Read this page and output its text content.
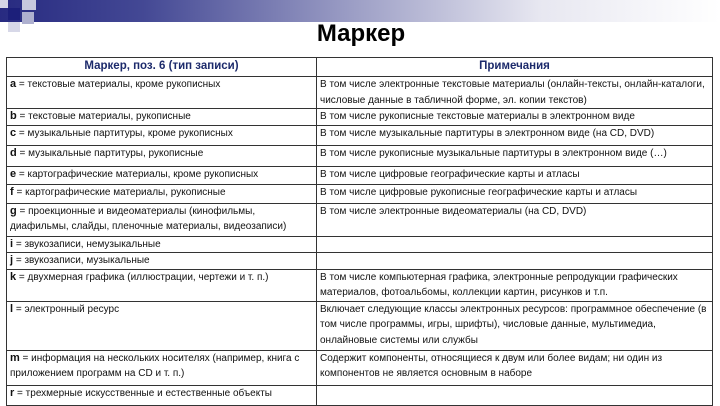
Маркер
Маркер, поз. 6 (тип записи)	Примечания
a = текстовые материалы, кроме рукописных	В том числе электронные текстовые материалы (онлайн-тексты, онлайн-каталоги, числовые данные в табличной форме, эл. копии текстов)
b = текстовые материалы, рукописные	В том числе рукописные текстовые материалы в электронном виде
c = музыкальные партитуры, кроме рукописных	В том числе музыкальные партитуры в электронном виде (на CD, DVD)
d = музыкальные партитуры, рукописные	В том числе рукописные музыкальные партитуры в электронном виде (…)
e = картографические материалы, кроме рукописных	В том числе цифровые географические карты и атласы
f = картографические материалы, рукописные	В том числе цифровые рукописные географические карты и атласы
g = проекционные и видеоматериалы (кинофильмы, диафильмы, слайды, пленочные материалы, видеозаписи)	В том числе электронные видеоматериалы (на CD, DVD)
i = звукозаписи, немузыкальные	
j = звукозаписи, музыкальные	
k = двухмерная графика (иллюстрации, чертежи и т. п.)	В том числе компьютерная графика, электронные репродукции графических материалов, фотоальбомы, коллекции картин, рисунков и т.п.
l = электронный ресурс	Включает следующие классы электронных ресурсов: программное обеспечение (в том числе программы, игры, шрифты), числовые данные, мультимедиа, онлайновые системы или службы
m = информация на нескольких носителях (например, книга с приложением программ на CD и т. п.)	Содержит компоненты, относящиеся к двум или более видам; ни один из компонентов не является основным в наборе
r = трехмерные искусственные и естественные объекты	
